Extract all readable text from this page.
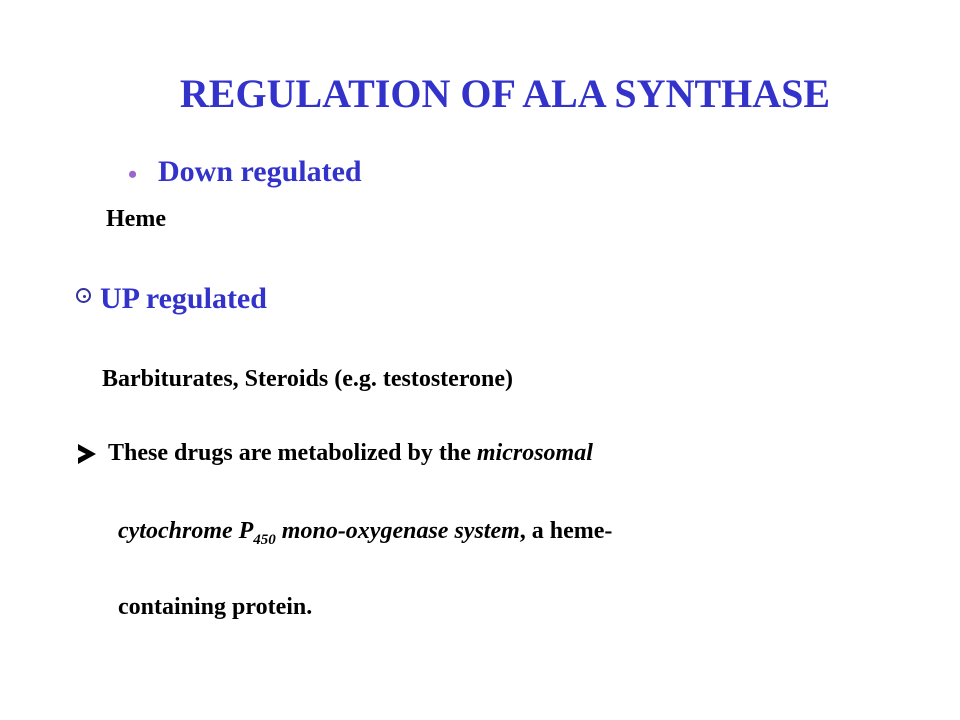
REGULATION OF ALA SYNTHASE
• Down regulated
Heme
UP regulated
Barbiturates, Steroids (e.g. testosterone)
These drugs are metabolized by the microsomal
cytochrome $P_{450}$ mono-oxygenase system, a heme-
containing protein.
